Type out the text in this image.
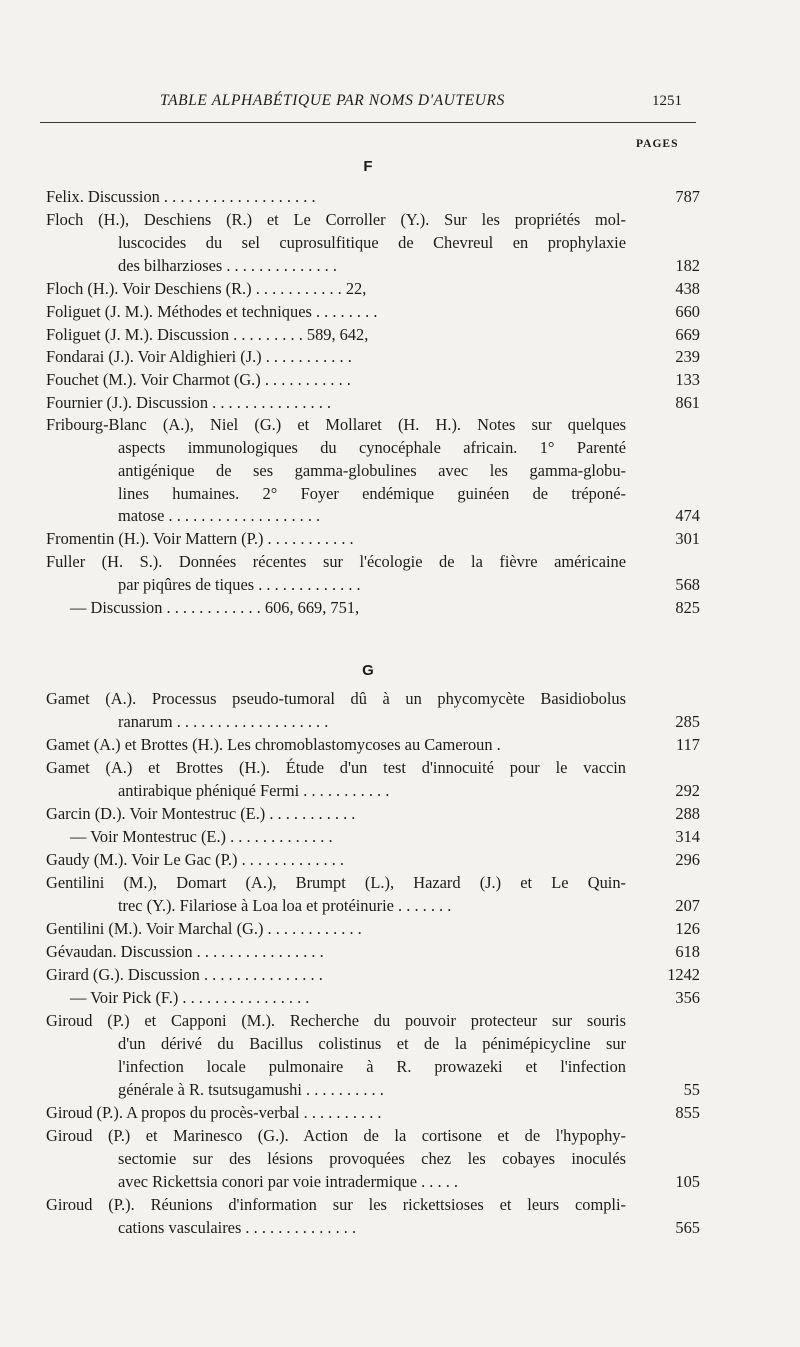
TABLE ALPHABÉTIQUE PAR NOMS D'AUTEURS	1251
PAGES
F
Felix. Discussion . . . . . . . . . . . . . . . . . . .	787
Floch (H.), Deschiens (R.) et Le Corroller (Y.). Sur les propriétés mol-
luscocides du sel cuprosulfitique de Chevreul en prophylaxie
des bilharzioses . . . . . . . . . . . . . .	182
Floch (H.). Voir Deschiens (R.) . . . . . . . . . . . 22,	438
Foliguet (J. M.). Méthodes et techniques . . . . . . . .	660
Foliguet (J. M.). Discussion . . . . . . . . . 589, 642,	669
Fondarai (J.). Voir Aldighieri (J.) . . . . . . . . . . .	239
Fouchet (M.). Voir Charmot (G.) . . . . . . . . . . .	133
Fournier (J.). Discussion . . . . . . . . . . . . . . .	861
Fribourg-Blanc (A.), Niel (G.) et Mollaret (H. H.). Notes sur quelques
aspects immunologiques du cynocéphale africain. 1° Parenté
antigénique de ses gamma-globulines avec les gamma-globu-
lines humaines. 2° Foyer endémique guinéen de tréponé-
matose . . . . . . . . . . . . . . . . . . .	474
Fromentin (H.). Voir Mattern (P.) . . . . . . . . . . .	301
Fuller (H. S.). Données récentes sur l'écologie de la fièvre américaine
par piqûres de tiques . . . . . . . . . . . . .	568
— Discussion . . . . . . . . . . . . 606, 669, 751,	825
G
Gamet (A.). Processus pseudo-tumoral dû à un phycomycète Basidiobolus
ranarum . . . . . . . . . . . . . . . . . . .	285
Gamet (A.) et Brottes (H.). Les chromoblastomycoses au Cameroun .	117
Gamet (A.) et Brottes (H.). Étude d'un test d'innocuité pour le vaccin
antirabique phéniqué Fermi . . . . . . . . . . .	292
Garcin (D.). Voir Montestruc (E.) . . . . . . . . . . .	288
— Voir Montestruc (E.) . . . . . . . . . . . . .	314
Gaudy (M.). Voir Le Gac (P.) . . . . . . . . . . . . .	296
Gentilini (M.), Domart (A.), Brumpt (L.), Hazard (J.) et Le Quin-
trec (Y.). Filariose à Loa loa et protéinurie . . . . . . .	207
Gentilini (M.). Voir Marchal (G.) . . . . . . . . . . . .	126
Gévaudan. Discussion . . . . . . . . . . . . . . . .	618
Girard (G.). Discussion . . . . . . . . . . . . . . .	1242
— Voir Pick (F.) . . . . . . . . . . . . . . . .	356
Giroud (P.) et Capponi (M.). Recherche du pouvoir protecteur sur souris
d'un dérivé du Bacillus colistinus et de la pénimépicycline sur
l'infection locale pulmonaire à R. prowazeki et l'infection
générale à R. tsutsugamushi . . . . . . . . . .	55
Giroud (P.). A propos du procès-verbal . . . . . . . . . .	855
Giroud (P.) et Marinesco (G.). Action de la cortisone et de l'hypophy-
sectomie sur des lésions provoquées chez les cobayes inoculés
avec Rickettsia conori par voie intradermique . . . . .	105
Giroud (P.). Réunions d'information sur les rickettsioses et leurs compli-
cations vasculaires . . . . . . . . . . . . . .	565
